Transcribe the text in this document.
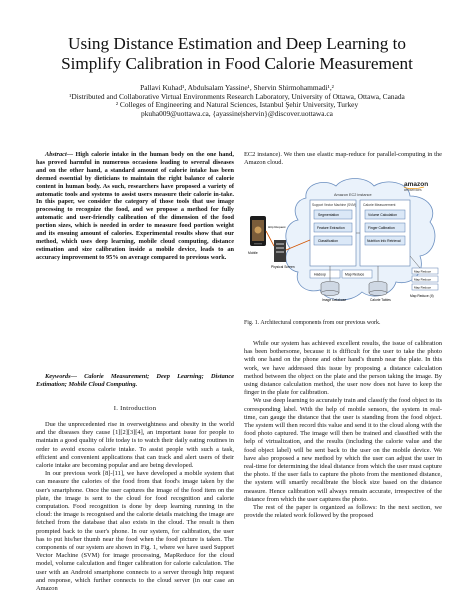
Using Distance Estimation and Deep Learning to
Simplify Calibration in Food Calorie Measurement
Pallavi Kuhad¹, Abdulsalam Yassine¹, Shervin Shirmohammadi¹,²
¹Distributed and Collaborative Virtual Environments Research Laboratory, University of Ottawa, Ottawa, Canada
² Colleges of Engineering and Natural Sciences, Istanbul Şehir University, Turkey
pkuha009@uottawa.ca, {ayassine|shervin}@discover.uottawa.ca

Abstract— High calorie intake in the human body on the one hand, has proved harmful in numerous occasions leading to several diseases and on the other hand, a standard amount of calorie intake has been deemed essential by dieticians to maintain the right balance of calorie content in human body. As such, researchers have proposed a variety of automatic tools and systems to assist users measure their calorie in-take. In this paper, we consider the category of those tools that use image processing to recognize the food, and we propose a method for fully automatic and user-friendly calibration of the dimension of the food portion sizes, which is needed in order to measure food portion weight and its ensuing amount of calories. Experimental results show that our method, which uses deep learning, mobile cloud computing, distance estimation and size calibration inside a mobile device, leads to an accuracy improvement to 95% on average compared to previous work.

Keywords— Calorie Measurement; Deep Learning; Distance Estimation; Mobile Cloud Computing.
I. Introduction

Due the unprecedented rise in overweightness and obesity in the world and the diseases they cause [1][2][3][4], an important issue for people to maintain a good quality of life today is to watch their daily eating routines in order to avoid excess calorie intake. To assist people with such a task, efficient and convenient applications that can track and alert users of their calorie intake are becoming popular and are being developed.

In our previous work [8]-[11], we have developed a mobile system that can measure the calories of the food from that food's image taken by the user's smartphone. Once the user captures the image of the food item on the plate, the image is sent to the cloud for food recognition and calorie computation. Food recognition is done by deep learning running in the cloud: the image is recognised and the calorie details matching the image are fetched from the database that also exists in the cloud. The result is then prompted back to the user's phone. In our system, for calibration, the user has to put his/her thumb near the food when the food picture is taken. The components of our system are shown in Fig. 1, where we have used Support Vector Machine (SVM) for image processing, MapReduce for the cloud model, volume calculation and finger calibration for calorie calculation. The user with an Android smartphone connects to a server through http request and response, which further connects to the cloud server (in our case an Amazon

EC2 instance). We then use elastic map-reduce for parallel-computing in the Amazon cloud.

amazon
webservices
Amazon EC2 instance
Support Vector Machine (SVM)
Segmentation
Feature Extraction
Classification
Calorie Measurement
Volume Calculation
Finger Calibration
Nutrition Info Retrieval
Hadoop	Map Reduce
Image Database	Calorie Tables
Map Reduce
Map Reduce
Map Reduce
Map Reduce (II)
Mobile
Physical Screen
Http Request
Fig. 1. Architectural components from our previous work.

While our system has achieved excellent results, the issue of calibration has been bothersome, because it is difficult for the user to take the photo with one hand on the phone and other hand's thumb near the plate. In this work, we have addressed this issue by proposing a distance calculation method between the object on the plate and the person taking the image. By using distance calculation method, the user now does not have to keep the finger in the plate for calibration.

We use deep learning to accurately train and classify the food object to its corresponding label. With the help of mobile sensors, the system in real-time, can gauge the distance that the user is standing from the food object. The system will then record this value and send it to the cloud along with the food photo captured. The image will then be trained and classified with the help of virtualization, and the results (including the calorie value and the food object label) will be sent back to the user on the mobile device. We have also proposed a new method by which the user can adjust the user in real-time for determining the ideal distance from which the user must capture the photo. If the user fails to capture the photo from the mentioned distance, the system will smartly recalibrate the block size based on the distance measure. Hence calibration will always remain accurate, irrespective of the distance from which the user captures the photo.

The rest of the paper is organized as follows: In the next section, we provide the related work followed by the proposed
